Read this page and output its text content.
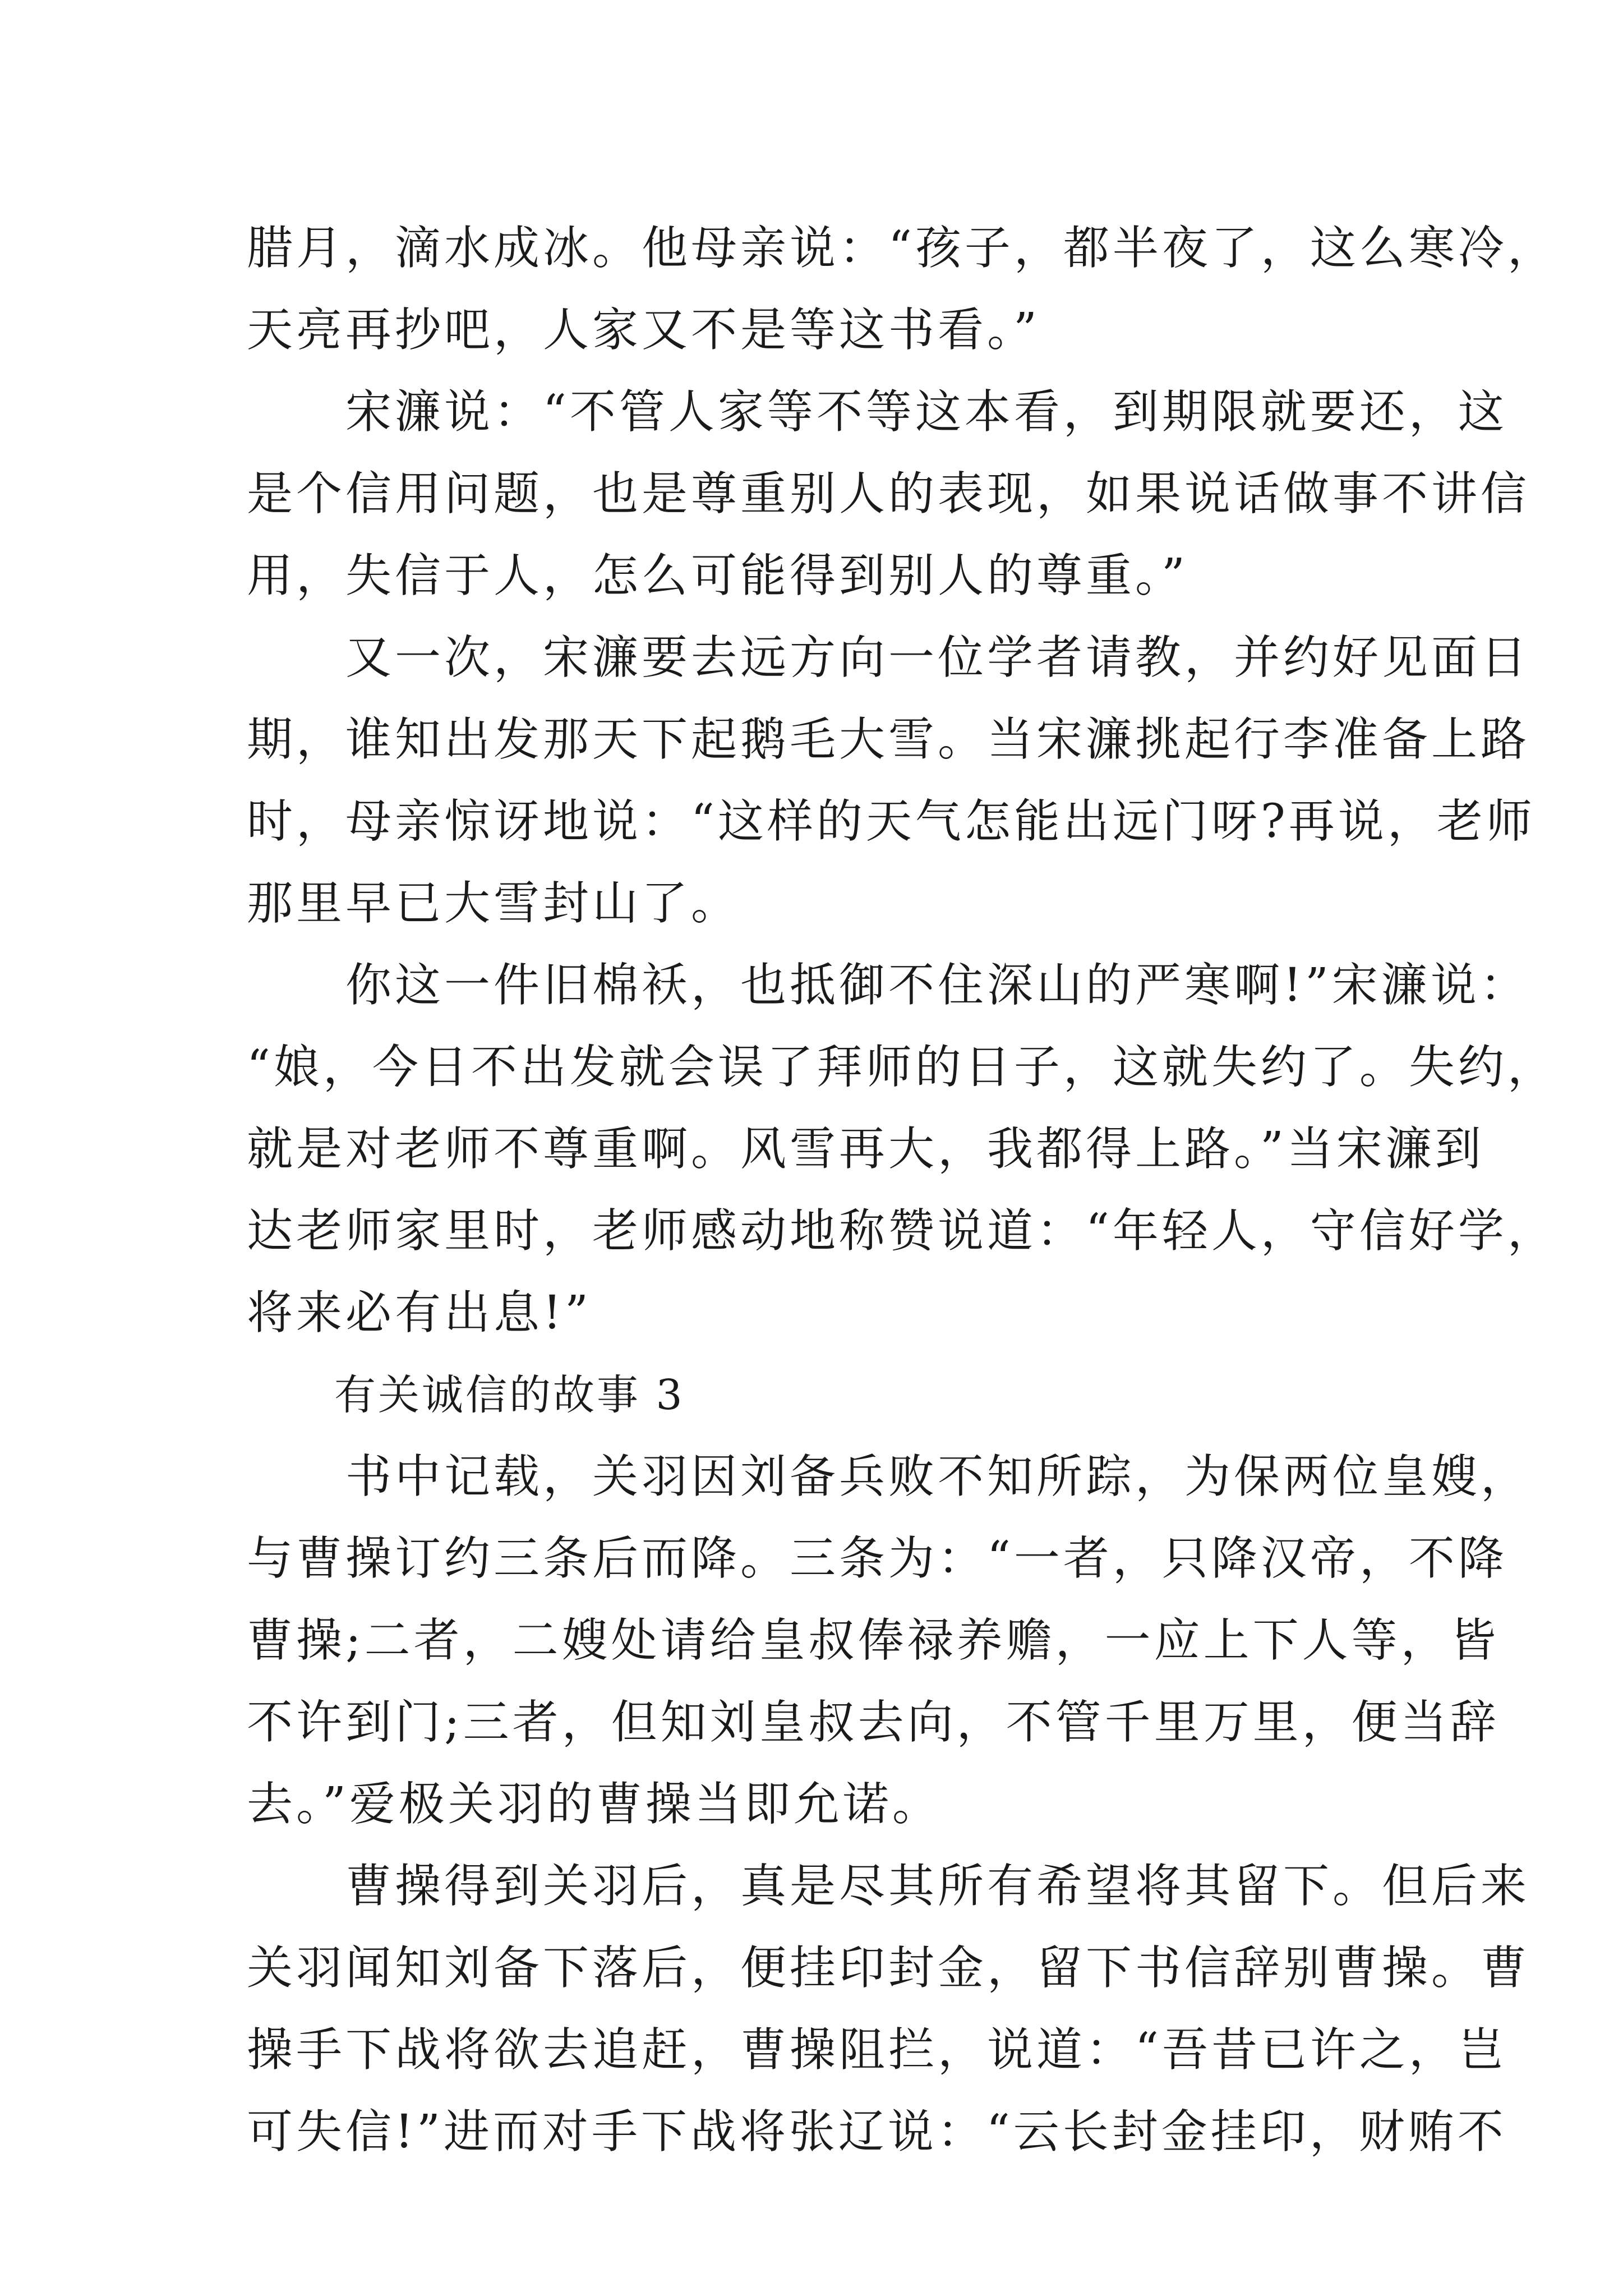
腊月，滴水成冰。他母亲说：“孩子，都半夜了，这么寒冷，
天亮再抄吧，人家又不是等这书看。”
　　宋濂说：“不管人家等不等这本看，到期限就要还，这
是个信用问题，也是尊重别人的表现，如果说话做事不讲信
用，失信于人，怎么可能得到别人的尊重。”
　　又一次，宋濂要去远方向一位学者请教，并约好见面日
期，谁知出发那天下起鹅毛大雪。当宋濂挑起行李准备上路
时，母亲惊讶地说：“这样的天气怎能出远门呀?再说，老师
那里早已大雪封山了。
　　你这一件旧棉袄，也抵御不住深山的严寒啊!”宋濂说：
“娘，今日不出发就会误了拜师的日子，这就失约了。失约，
就是对老师不尊重啊。风雪再大，我都得上路。”当宋濂到
达老师家里时，老师感动地称赞说道：“年轻人，守信好学，
将来必有出息!”
　　有关诚信的故事 3
　　书中记载，关羽因刘备兵败不知所踪，为保两位皇嫂，
与曹操订约三条后而降。三条为：“一者，只降汉帝，不降
曹操;二者，二嫂处请给皇叔俸禄养赡，一应上下人等，皆
不许到门;三者，但知刘皇叔去向，不管千里万里，便当辞
去。”爱极关羽的曹操当即允诺。
　　曹操得到关羽后，真是尽其所有希望将其留下。但后来
关羽闻知刘备下落后，便挂印封金，留下书信辞别曹操。曹
操手下战将欲去追赶，曹操阻拦，说道：“吾昔已许之，岂
可失信!”进而对手下战将张辽说：“云长封金挂印，财贿不
